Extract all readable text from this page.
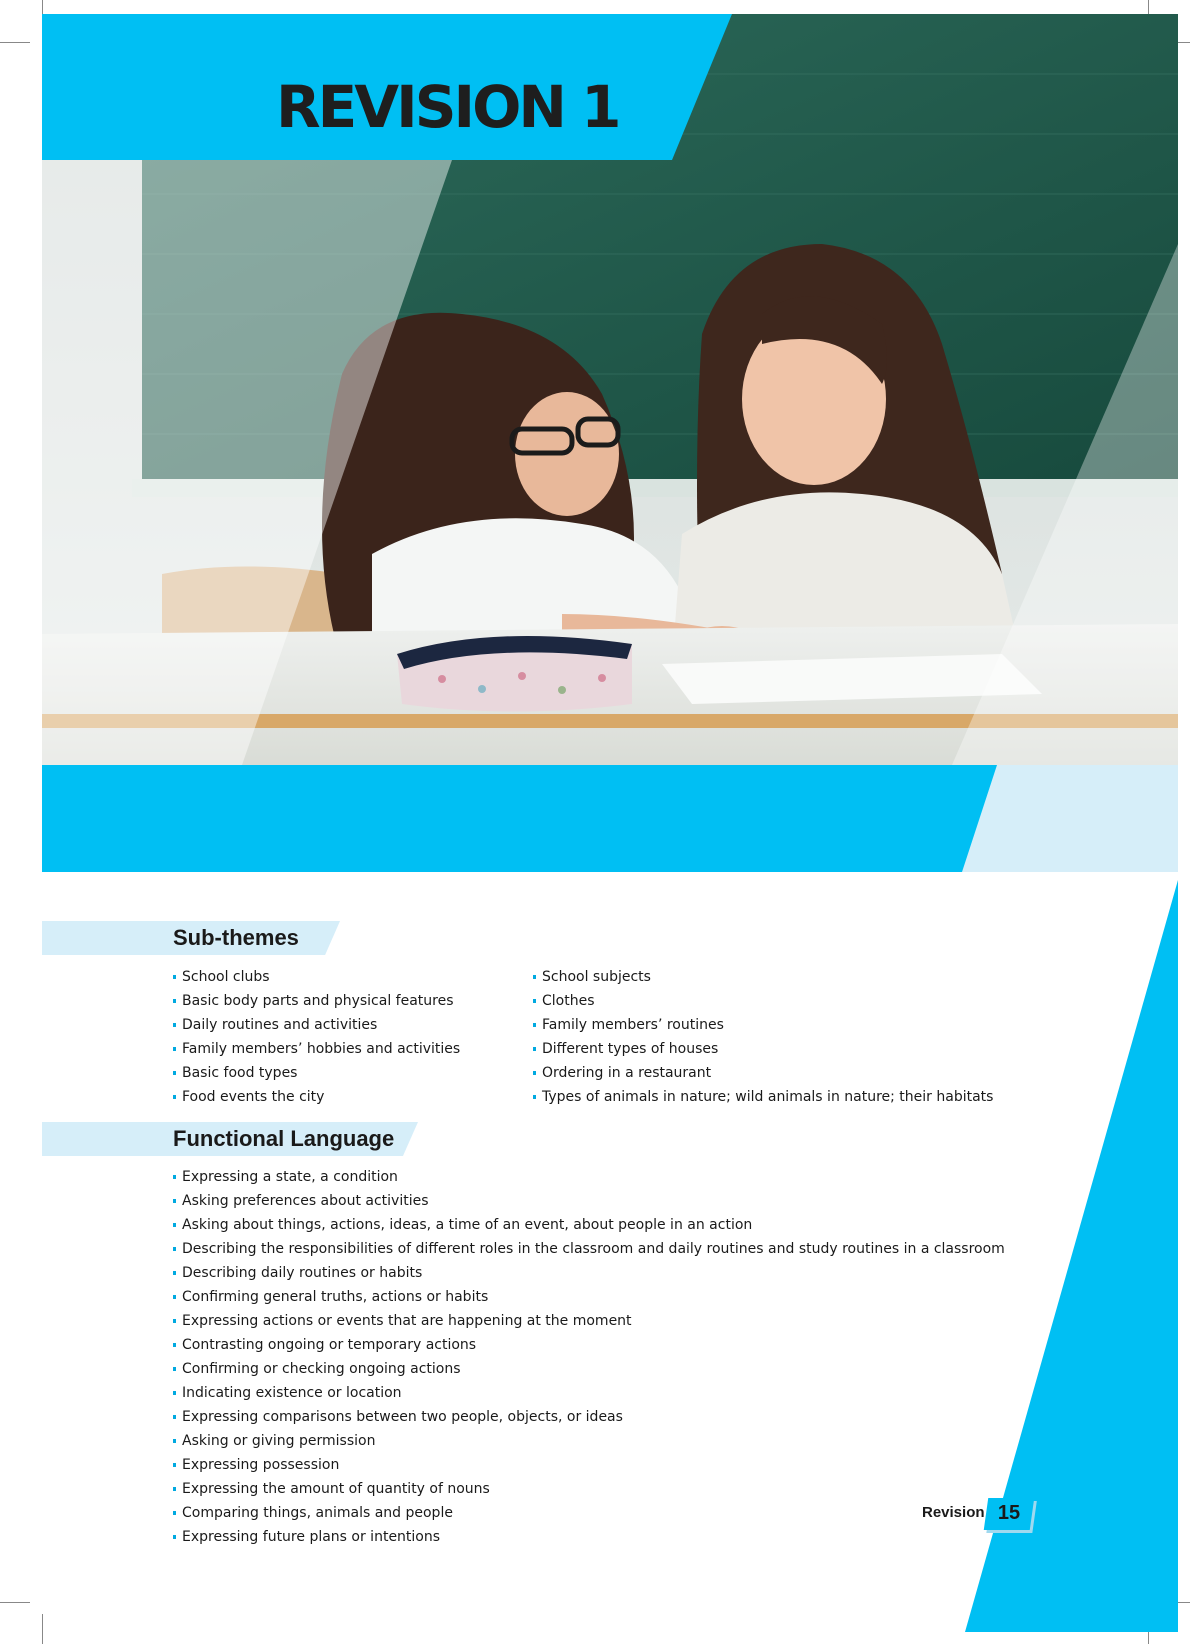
REVISION 1
Sub-themes
School clubs
Basic body parts and physical features
Daily routines and activities
Family members’ hobbies and activities
Basic food types
Food events the city
School subjects
Clothes
Family members’ routines
Different types of houses
Ordering in a restaurant
Types of animals in nature; wild animals in nature; their habitats
Functional Language
Expressing a state, a condition
Asking preferences about activities
Asking about things, actions, ideas, a time of an event, about people in an action
Describing the responsibilities of different roles in the classroom and daily routines and study routines in a classroom
Describing daily routines or habits
Confirming general truths, actions or habits
Expressing actions or events that are happening at the moment
Contrasting ongoing or temporary actions
Confirming or checking ongoing actions
Indicating existence or location
Expressing comparisons between two people, objects, or ideas
Asking or giving permission
Expressing possession
Expressing the amount of quantity of nouns
Comparing things, animals and people
Expressing future plans or intentions
Revision 15
